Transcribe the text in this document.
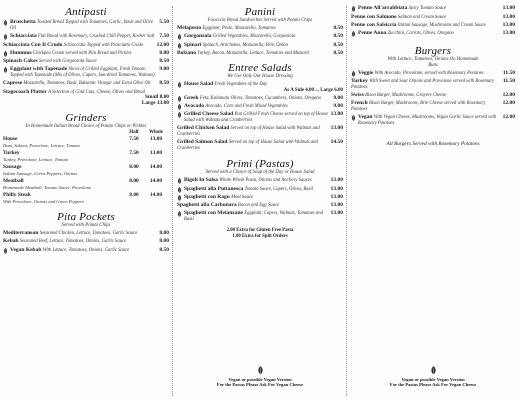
Antipasti
5.50
Bruschetta Toasted Bread Topped with Tomatoes, Garlic, Basil and Olive Oil
7.50
Schiacciata Flat Bread with Rosemary, Crushed Chili Pepper, Kosher Salt
12.00
Schiacciata Con Il Crudo Schiacciata Topped with Prosciutto Crudo
8.00
Hummus Chickpea Cream served with Pita Bread and Pickles
8.50
Spinach Cakes Served with Gorgonzola Sauce
9.00
Eggplant with Tapenade Slices of Grilled Eggplant, Fresh Tomato Topped with Tapenade (Mix of Olives, Capers, Sun-dried Tomatoes, Walnuts)
8.50
Caprese Mozzarella, Tomatoes, Basil, Balsamic Vinegar and Extra Olive Oil
Stagecoach Platter A Selection of Cold Cuts, Cheese, Olives and Bread
Small 8.00
Large 13.00
Grinders
In Homemade Italian Bread Choice of Potato Chips or Pickles
Half Whole
7.50 13.00
House
Ham, Salami, Provolone, Lettuce, Tomato
7.50 13.00
Turkey
Turkey, Provolone, Lettuce, Tomato
8.00 14.00
Sausage
Italian Sausage, Green Peppers, Onions
8.00 14.00
Meatball
Homemade Meatball, Tomato Sauce, Provolone
8.00 14.00
Philly Steak
With Provolone, Onions and Green Peppers
Pita Pockets
Served with Potato Chips
8.00
Mediterranean Seasoned Chicken, Lettuce, Tomatoes, Garlic Sauce
8.00
Kebab Seasoned Beef, Lettuce, Tomatoes, Onions, Garlic Sauce
8.50
Vegan Kebab With Lettuce, Tomatoes, Onions, Garlic Sauce
Panini
Focaccia Bread Sandwiches Served with Potato Chips
8.50
Melapesto Eggplant, Pesto, Mozzarella, Tomatoes
8.50
Gorgonzola Grilled Vegetables, Mozzarella, Gorgonzola
8.50
Spinari Spinach, Artichokes, Mozzarella, Brie, Onion
8.50
Bolzano Turkey, Bacon, Mozzarella, Lettuce, Tomatoes and Mustard
Entree Salads
We Use Only Our House Dressing
House Salad Fresh Vegetables of the Day
As A Side 4.00 ... Large 6.00
9.00
Greek Feta, Kalamata Olives, Tomatoes, Cucumbers, Onions, Oregano
9.00
Avocado Avocado, Corn and Fresh Mixed Vegetables
13.00
Grilled Cheese Salad Pan Grilled Fresh Cheese served on top of House Salad with Walnuts and Cranberries
13.00
Grilled Chicken Salad Served on top of House Salad with Walnuts and Cranberries
14.50
Grilled Salmon Salad Served on top of House Salad with Walnuts and Cranberries
Primi (Pastas)
Served with a Choice of Soup of the Day or House Salad
13.00
Bigoli In Salsa Whole Wheat Pasta, Onions and Anchovy Sauces
13.00
Spaghetti alla Puttanesca Tomato Sauce, Capers, Olives, Basil
13.00
Spaghetti con Ragu Meat Sauce
13.00
Spaghetti alla Carbonara Bacon and Egg Sauce
13.00
Spaghetti con Melanzane Eggplant, Capers, Walnuts, Tomatoes and Basil
2.00 Extra for Gluten Free Pasta
1.00 Extra for Split Orders
Vegan or possible Vegan Version
For the Pastas Please Ask For Vegan Cheese
13.00
Penne All'arrabbiata Spicy Tomato Sauce
13.00
Penne con Salmone Salmon and Cream Sauce
13.00
Penne con Salsiccia Italian Sausage, Mushrooms and Cream Sauce
13.00
Penne Anna Zucchini, Carrots, Olives, Oregano
Burgers
With Lettuce, Tomatoes, Onions On Homemade Buns
11.50
Veggie With Avocado, Provolone, served with Rosemary Potatoes
11.50
Turkey With Sweet and Sour Onions and Provolone served with Rosemary Potatoes
12.00
Swiss Bison Burger, Mushrooms, Gruyere Cheese
12.00
French Bison Burger, Mushrooms, Brie Cheese served with Rosemary Potatoes
12.00
Vegan With Vegan Cheese, Mushrooms, Vegan Garlic Sauce served with Rosemary Potatoes
All Burgers Served with Rosemary Potatoes
Vegan or possible Vegan Version
For the Pastas Please Ask For Vegan Cheese
